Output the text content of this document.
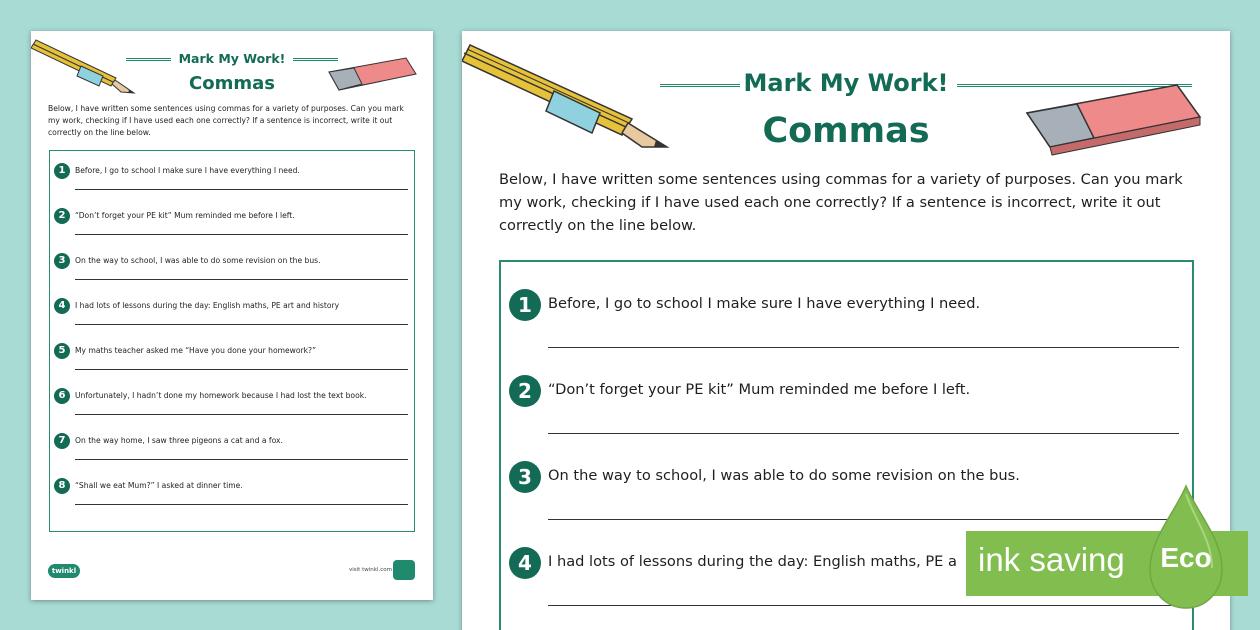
Mark My Work!
Commas
Below, I have written some sentences using commas for a variety of purposes. Can you mark my work, checking if I have used each one correctly? If a sentence is incorrect, write it out correctly on the line below.
1	Before, I go to school I make sure I have everything I need.
2	“Don’t forget your PE kit” Mum reminded me before I left.
3	On the way to school, I was able to do some revision on the bus.
4	I had lots of lessons during the day: English maths, PE art and history
5	My maths teacher asked me “Have you done your homework?”
6	Unfortunately, I hadn’t done my homework because I had lost the text book.
7	On the way home, I saw three pigeons a cat and a fox.
8	“Shall we eat Mum?” I asked at dinner time.
twinkl	visit twinkl.com
Mark My Work!
Commas
Below, I have written some sentences using commas for a variety of purposes. Can you mark my work, checking if I have used each one correctly? If a sentence is incorrect, write it out correctly on the line below.
1	Before, I go to school I make sure I have everything I need.
2	“Don’t forget your PE kit” Mum reminded me before I left.
3	On the way to school, I was able to do some revision on the bus.
4	I had lots of lessons during the day: English maths, PE a ink saving	Eco
